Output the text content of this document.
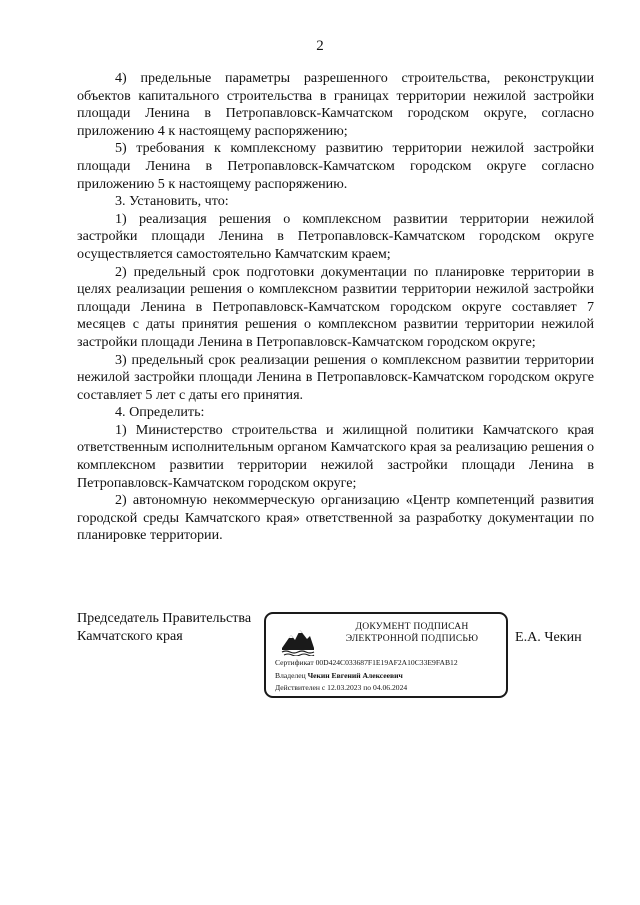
2

4) предельные параметры разрешенного строительства, реконструкции объектов капитального строительства в границах территории нежилой застройки площади Ленина в Петропавловск-Камчатском городском округе, согласно приложению 4 к настоящему распоряжению;

5) требования к комплексному развитию территории нежилой застройки площади Ленина в Петропавловск-Камчатском городском округе согласно приложению 5 к настоящему распоряжению.

3. Установить, что:

1) реализация решения о комплексном развитии территории нежилой застройки площади Ленина в Петропавловск-Камчатском городском округе осуществляется самостоятельно Камчатским краем;

2) предельный срок подготовки документации по планировке территории в целях реализации решения о комплексном развитии территории нежилой застройки площади Ленина в Петропавловск-Камчатском городском округе составляет 7 месяцев с даты принятия решения о комплексном развитии территории нежилой застройки площади Ленина в Петропавловск-Камчатском городском округе;

3) предельный срок реализации решения о комплексном развитии территории нежилой застройки площади Ленина в Петропавловск-Камчатском городском округе составляет 5 лет с даты его принятия.

4. Определить:

1) Министерство строительства и жилищной политики Камчатского края ответственным исполнительным органом Камчатского края за реализацию решения о комплексном развитии территории нежилой застройки площади Ленина в Петропавловск-Камчатском городском округе;

2) автономную некоммерческую организацию «Центр компетенций развития городской среды Камчатского края» ответственной за разработку документации по планировке территории.

Председатель Правительства
Камчатского края
ДОКУМЕНТ ПОДПИСАН
ЭЛЕКТРОННОЙ ПОДПИСЬЮ
Сертификат 00D424C033687F1E19AF2A10C33E9FAB12
Владелец Чекин Евгений Алексеевич
Действителен с 12.03.2023 по 04.06.2024
Е.А. Чекин
